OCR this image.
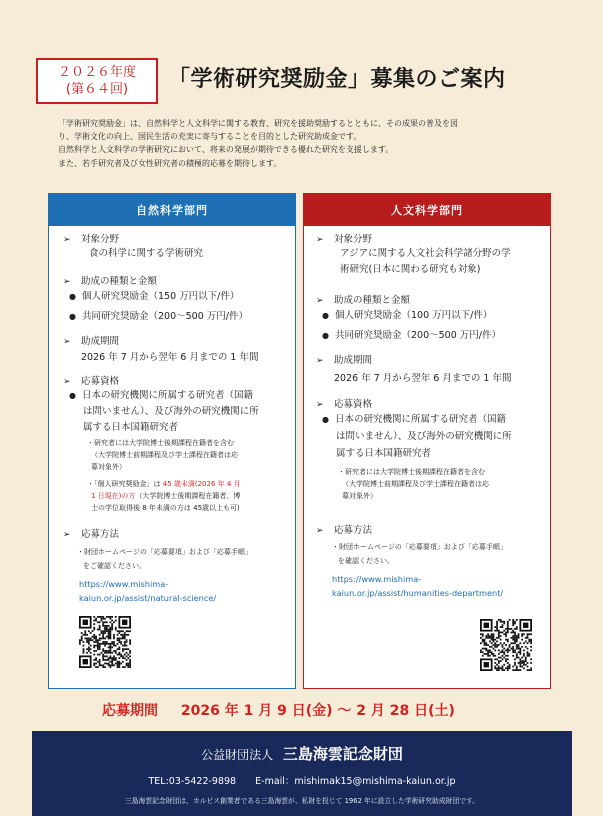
２０２６年度
(第６４回)	「学術研究奨励金」募集のご案内

「学術研究奨励金」は、自然科学と人文科学に関する教育、研究を援助奨励するとともに、その成果の普及を図

り、学術文化の向上、国民生活の充実に寄与することを目的とした研究助成金です。

自然科学と人文科学の学術研究において、将来の発展が期待できる優れた研究を支援します。

また、若手研究者及び女性研究者の積極的応募を期待します。

自然科学部門
➢ 対象分野
食の科学に関する学術研究
➢ 助成の種類と金額
● 個人研究奨励金（150 万円以下/件）
● 共同研究奨励金（200～500 万円/件）
➢ 助成期間
2026 年 7 月から翌年 6 月までの 1 年間
➢ 応募資格
● 日本の研究機関に所属する研究者（国籍
は問いません）、及び海外の研究機関に所
属する日本国籍研究者
・研究者には大学院博士後期課程在籍者を含む
（大学院博士前期課程及び学士課程在籍者は応
募対象外）
・「個人研究奨励金」は 45 歳未満(2026 年 4 月
1 日現在)の方（大学院博士後期課程在籍者、博
士の学位取得後 8 年未満の方は 45歳以上も可)
➢ 応募方法
・財団ホームページの「応募要項」および「応募手順」
をご確認ください。
https://www.mishima-
kaiun.or.jp/assist/natural-science/
人文科学部門
➢ 対象分野
アジアに関する人文社会科学諸分野の学
術研究(日本に関わる研究も対象)
➢ 助成の種類と金額
● 個人研究奨励金（100 万円以下/件）
● 共同研究奨励金（200～500 万円/件）
➢ 助成期間
2026 年 7 月から翌年 6 月までの 1 年間
➢ 応募資格
● 日本の研究機関に所属する研究者（国籍
は問いません）、及び海外の研究機関に所
属する日本国籍研究者
・研究者には大学院博士後期課程在籍者を含む
（大学院博士前期課程及び学士課程在籍者は応
募対象外）
➢ 応募方法
・財団ホームページの「応募要項」および「応募手順」
を確認ください。
https://www.mishima-
kaiun.or.jp/assist/humanities-department/
応募期間 2026 年 1 月 9 日(金) ～ 2 月 28 日(土)
公益財団法人 三島海雲記念財団
TEL:03-5422-9898 E-mail：mishimak15@mishima-kaiun.or.jp
三島海雲記念財団は、カルピス創業者である三島海雲が、私財を投じて 1962 年に設立した学術研究助成財団です。
